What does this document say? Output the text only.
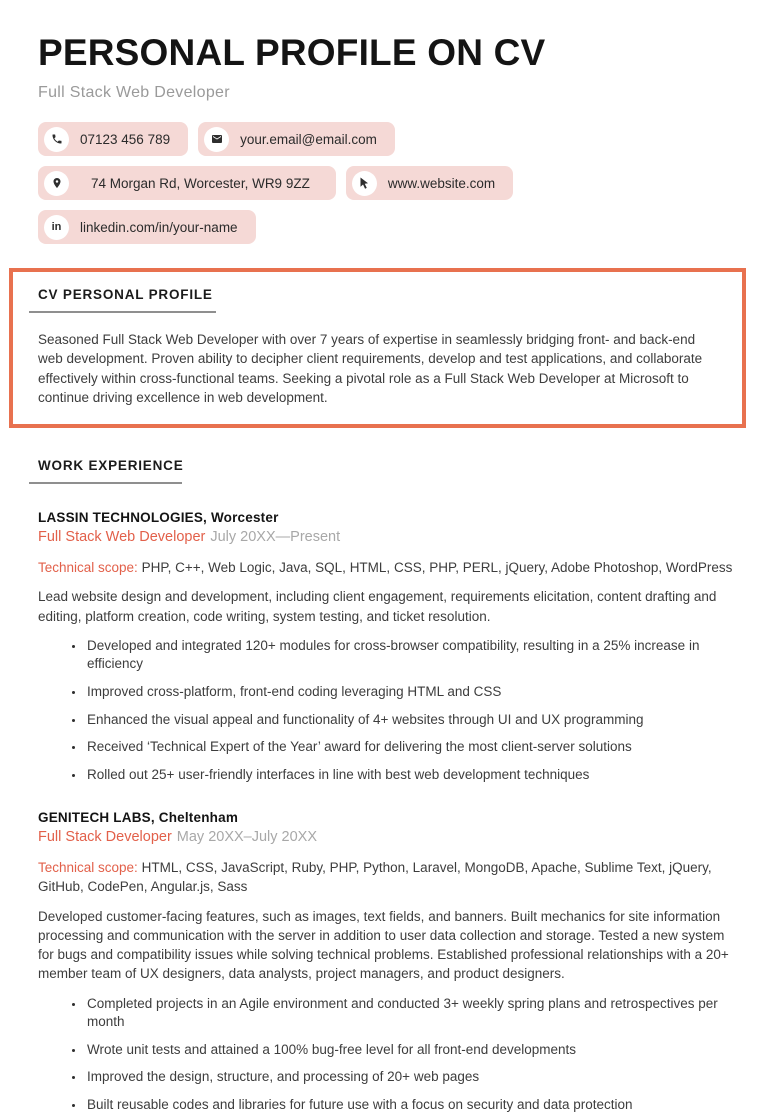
PERSONAL PROFILE ON CV
Full Stack Web Developer
07123 456 789	your.email@email.com
74 Morgan Rd, Worcester, WR9 9ZZ	www.website.com
in linkedin.com/in/your-name
CV PERSONAL PROFILE

Seasoned Full Stack Web Developer with over 7 years of expertise in seamlessly bridging front- and back-end web development. Proven ability to decipher client requirements, develop and test applications, and collaborate effectively within cross-functional teams. Seeking a pivotal role as a Full Stack Web Developer at Microsoft to continue driving excellence in web development.

WORK EXPERIENCE
LASSIN TECHNOLOGIES, Worcester
Full Stack Web Developer July 20XX—Present

Technical scope: PHP, C++, Web Logic, Java, SQL, HTML, CSS, PHP, PERL, jQuery, Adobe Photoshop, WordPress

Lead website design and development, including client engagement, requirements elicitation, content drafting and editing, platform creation, code writing, system testing, and ticket resolution.

• Developed and integrated 120+ modules for cross-browser compatibility, resulting in a 25% increase in efficiency
• Improved cross-platform, front-end coding leveraging HTML and CSS
• Enhanced the visual appeal and functionality of 4+ websites through UI and UX programming
• Received ‘Technical Expert of the Year’ award for delivering the most client-server solutions
• Rolled out 25+ user-friendly interfaces in line with best web development techniques
GENITECH LABS, Cheltenham
Full Stack Developer May 20XX–July 20XX

Technical scope: HTML, CSS, JavaScript, Ruby, PHP, Python, Laravel, MongoDB, Apache, Sublime Text, jQuery, GitHub, CodePen, Angular.js, Sass

Developed customer-facing features, such as images, text fields, and banners. Built mechanics for site information processing and communication with the server in addition to user data collection and storage. Tested a new system for bugs and compatibility issues while solving technical problems. Established professional relationships with a 20+ member team of UX designers, data analysts, project managers, and product designers.

• Completed projects in an Agile environment and conducted 3+ weekly spring plans and retrospectives per month
• Wrote unit tests and attained a 100% bug-free level for all front-end developments
• Improved the design, structure, and processing of 20+ web pages
• Built reusable codes and libraries for future use with a focus on security and data protection
